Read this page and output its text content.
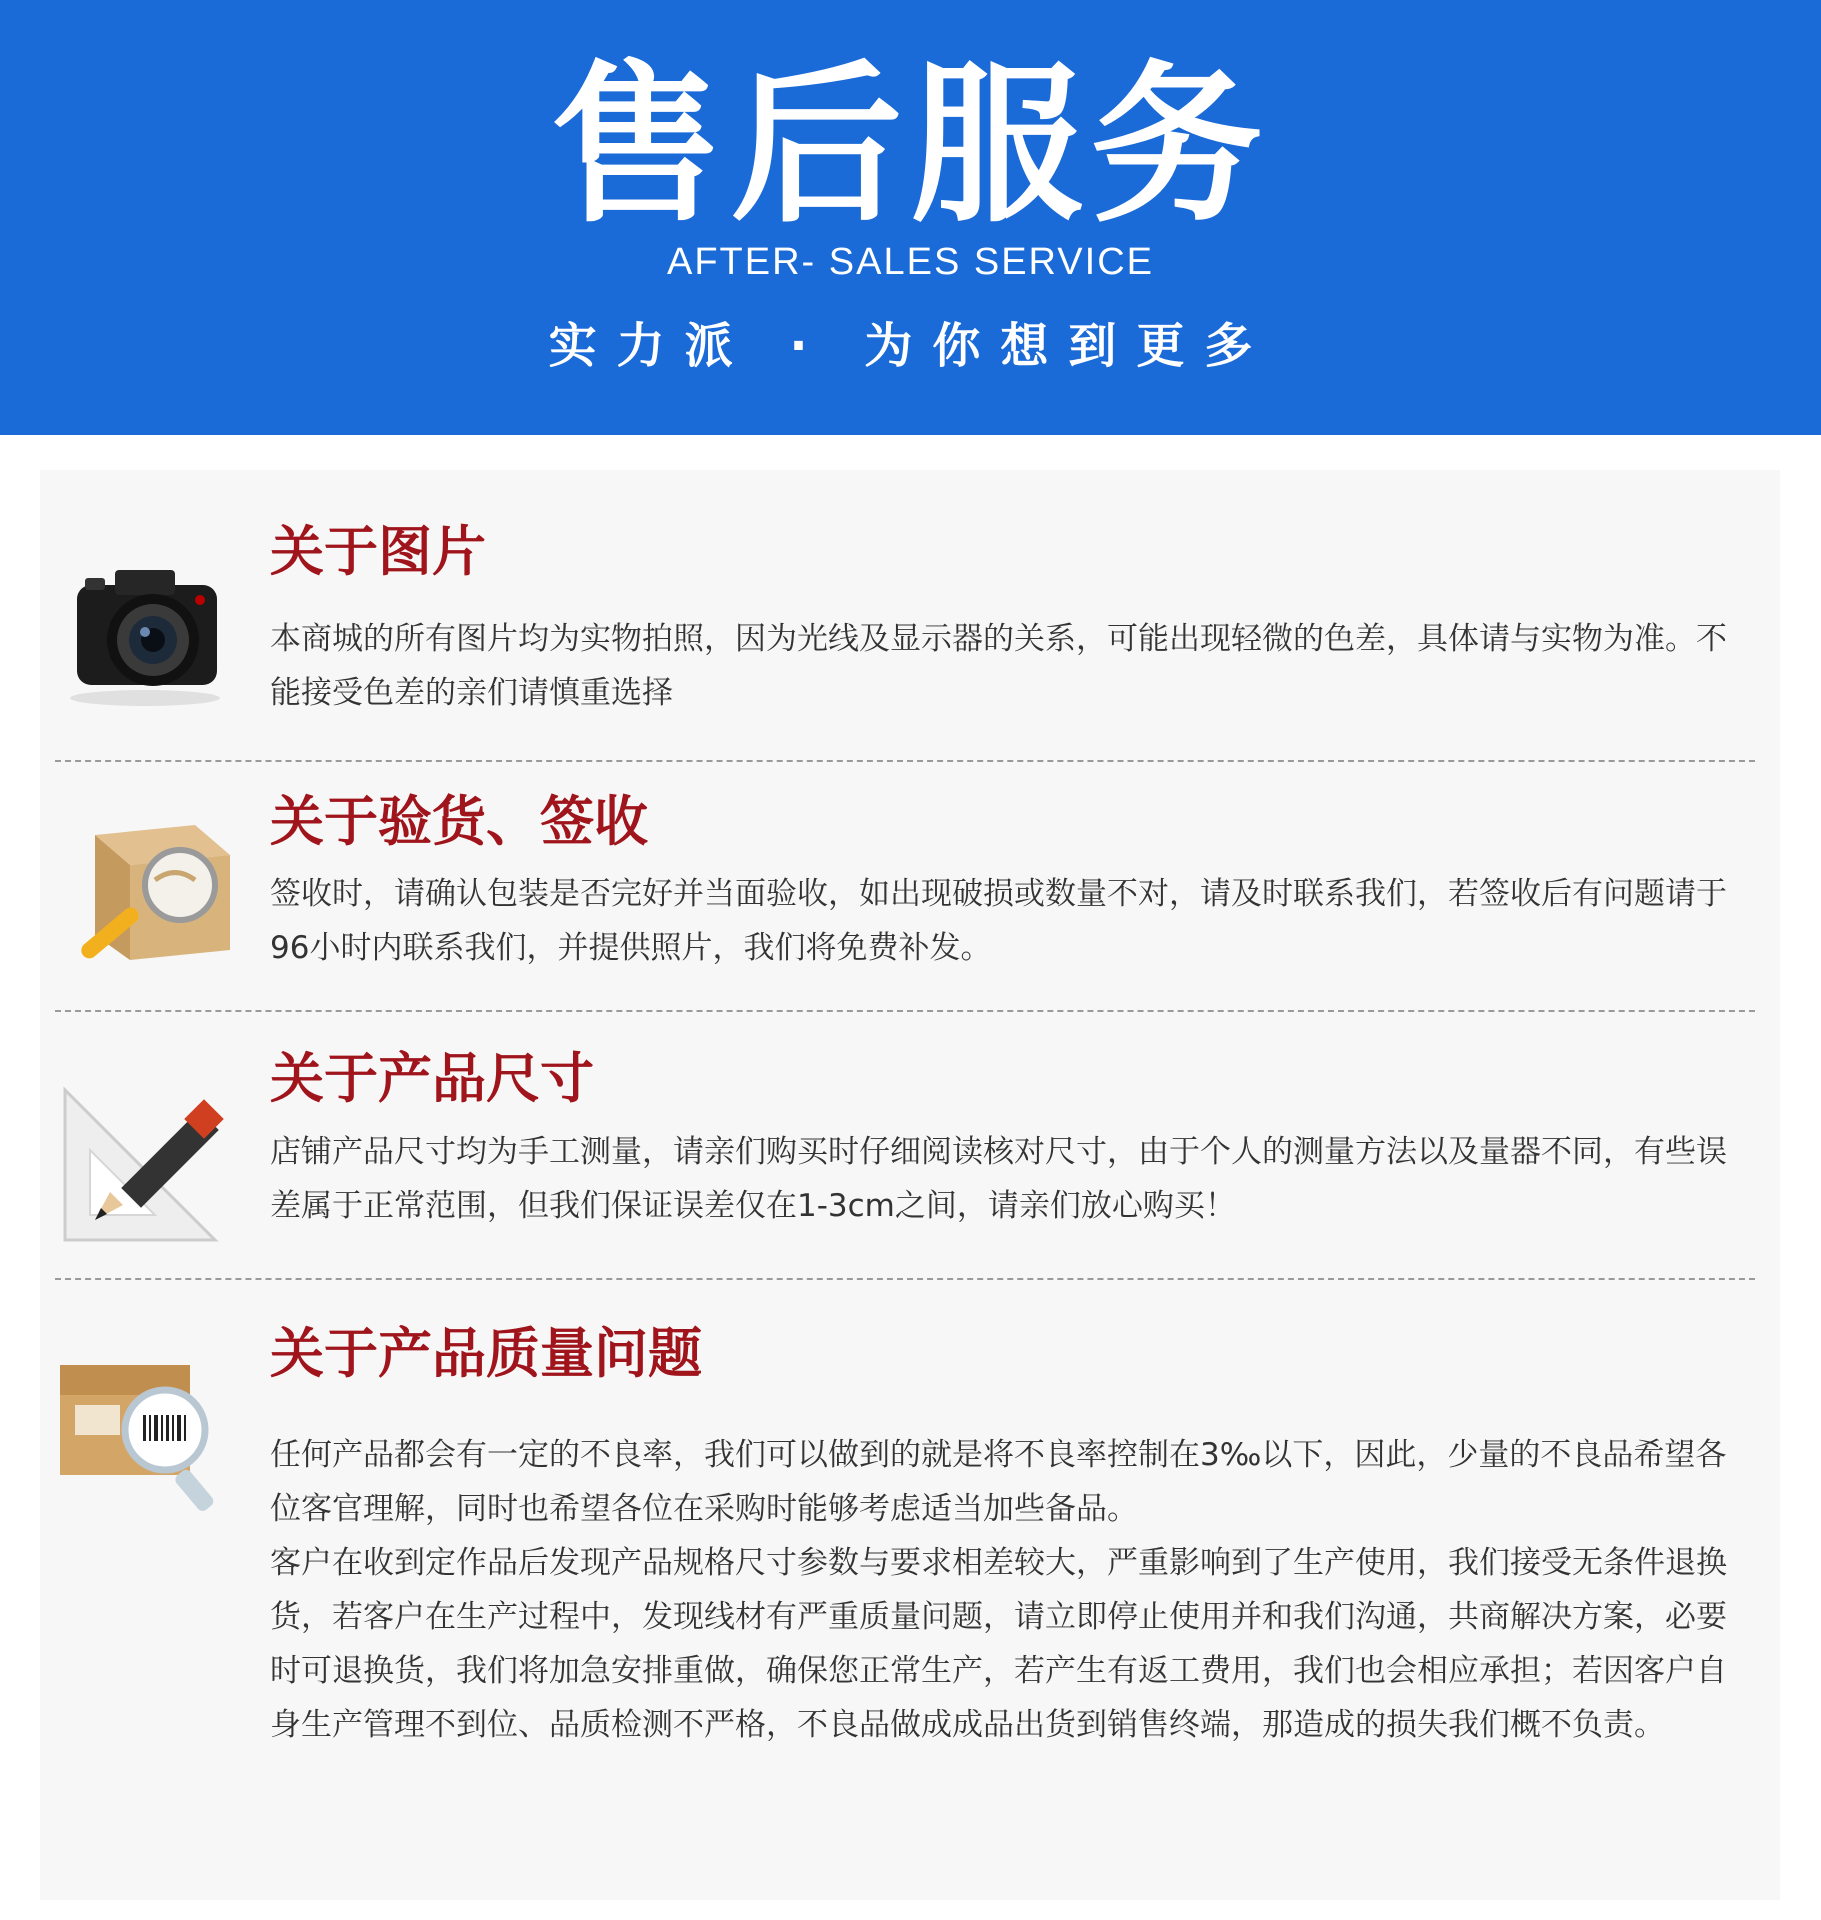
售后服务
AFTER- SALES SERVICE
实力派 · 为你想到更多
关于图片
本商城的所有图片均为实物拍照，因为光线及显示器的关系，可能出现轻微的色差，具体请与实物为准。不能接受色差的亲们请慎重选择
关于验货、签收
签收时，请确认包装是否完好并当面验收，如出现破损或数量不对，请及时联系我们，若签收后有问题请于96小时内联系我们，并提供照片，我们将免费补发。
关于产品尺寸
店铺产品尺寸均为手工测量，请亲们购买时仔细阅读核对尺寸，由于个人的测量方法以及量器不同，有些误差属于正常范围，但我们保证误差仅在1-3cm之间，请亲们放心购买！
关于产品质量问题
任何产品都会有一定的不良率，我们可以做到的就是将不良率控制在3‰以下，因此，少量的不良品希望各位客官理解，同时也希望各位在采购时能够考虑适当加些备品。
客户在收到定作品后发现产品规格尺寸参数与要求相差较大，严重影响到了生产使用，我们接受无条件退换货，若客户在生产过程中，发现线材有严重质量问题，请立即停止使用并和我们沟通，共商解决方案，必要时可退换货，我们将加急安排重做，确保您正常生产，若产生有返工费用，我们也会相应承担；若因客户自身生产管理不到位、品质检测不严格，不良品做成成品出货到销售终端，那造成的损失我们概不负责。
